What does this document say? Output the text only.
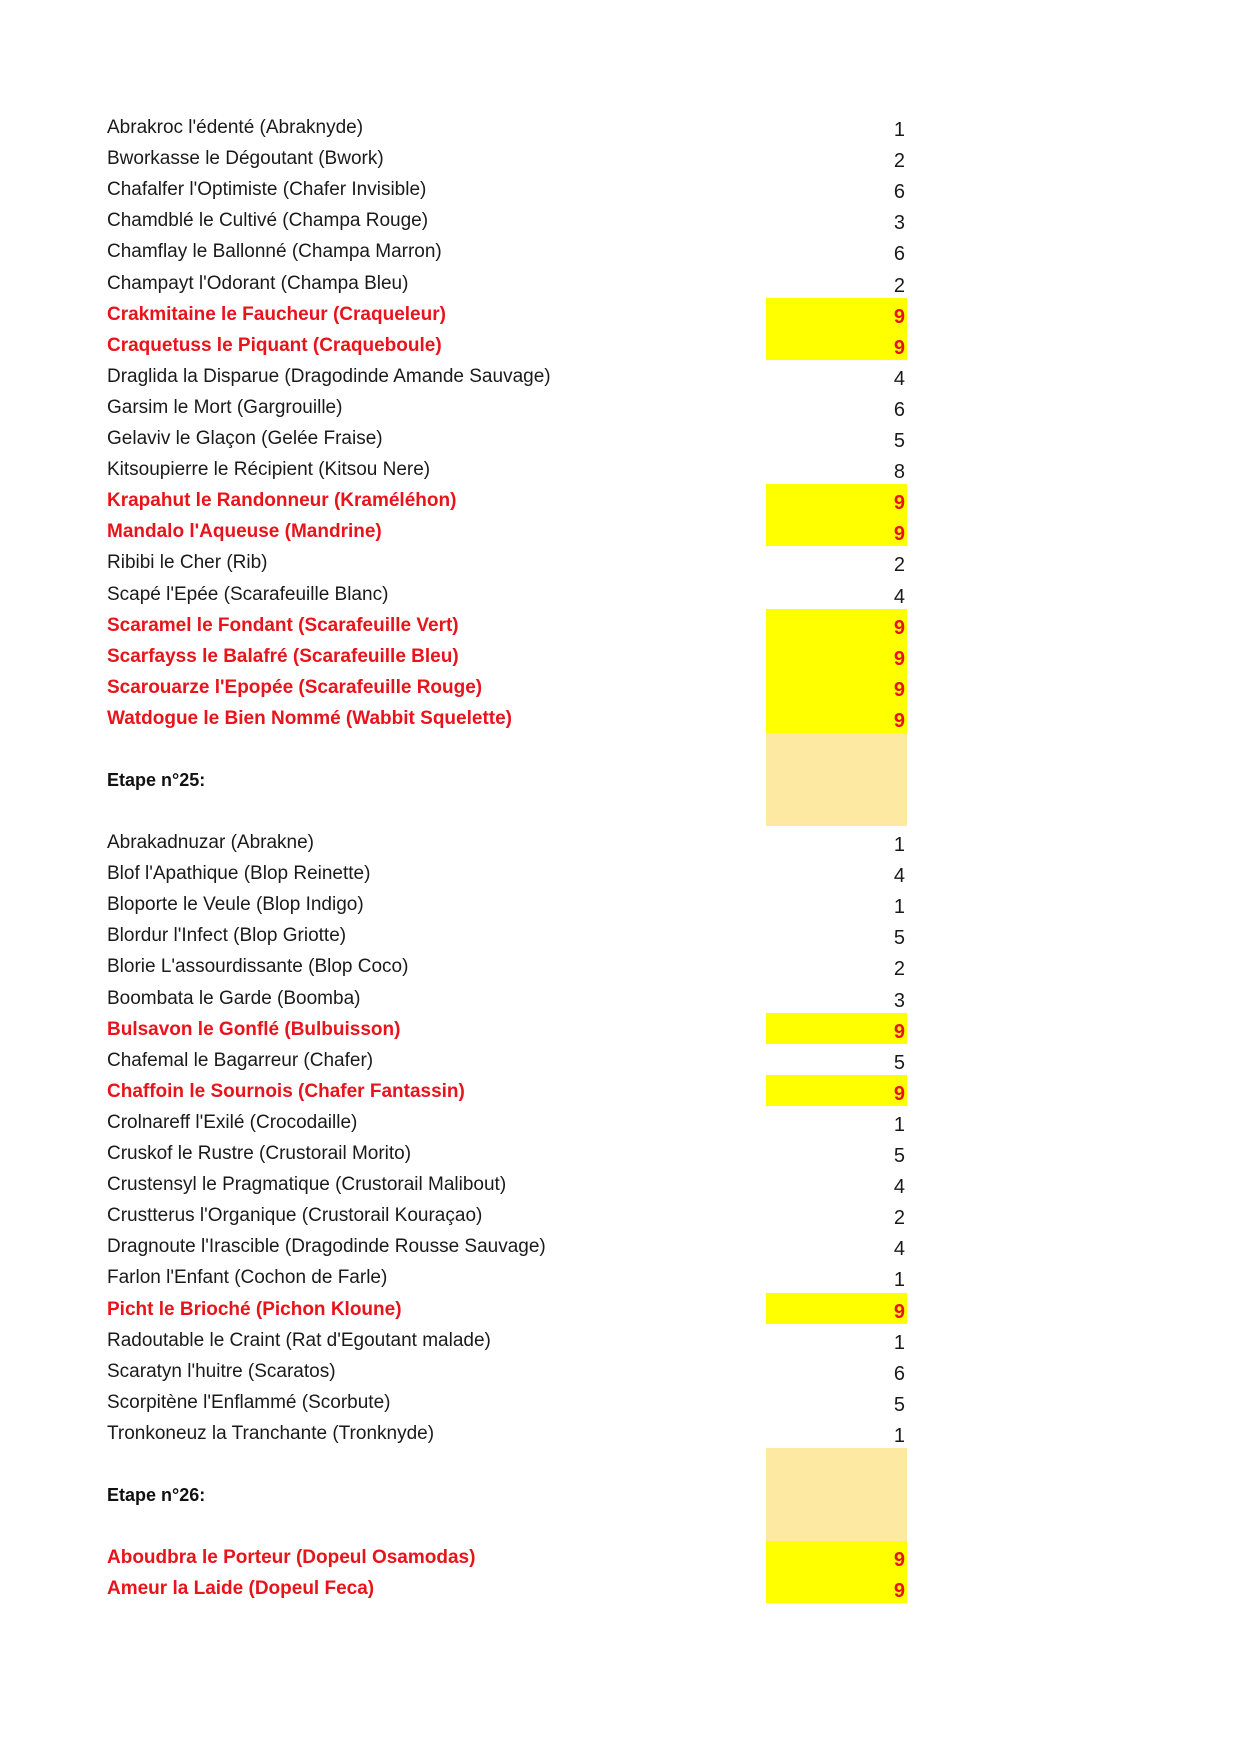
Abrakroc l'édenté (Abraknyde)	1
Bworkasse le Dégoutant (Bwork)	2
Chafalfer l'Optimiste (Chafer Invisible)	6
Chamdblé le Cultivé (Champa Rouge)	3
Chamflay le Ballonné (Champa Marron)	6
Champayt l'Odorant (Champa Bleu)	2
Crakmitaine le Faucheur (Craqueleur)	9
Craquetuss le Piquant (Craqueboule)	9
Draglida la Disparue (Dragodinde Amande Sauvage)	4
Garsim le Mort (Gargrouille)	6
Gelaviv le Glaçon (Gelée Fraise)	5
Kitsoupierre le Récipient (Kitsou Nere)	8
Krapahut le Randonneur (Kraméléhon)	9
Mandalo l'Aqueuse (Mandrine)	9
Ribibi le Cher (Rib)	2
Scapé l'Epée (Scarafeuille Blanc)	4
Scaramel le Fondant (Scarafeuille Vert)	9
Scarfayss le Balafré (Scarafeuille Bleu)	9
Scarouarze l'Epopée (Scarafeuille Rouge)	9
Watdogue le Bien Nommé (Wabbit Squelette)	9
Etape n°25:
Abrakadnuzar (Abrakne)	1
Blof l'Apathique (Blop Reinette)	4
Bloporte le Veule (Blop Indigo)	1
Blordur l'Infect (Blop Griotte)	5
Blorie L'assourdissante (Blop Coco)	2
Boombata le Garde (Boomba)	3
Bulsavon le Gonflé (Bulbuisson)	9
Chafemal le Bagarreur (Chafer)	5
Chaffoin le Sournois (Chafer Fantassin)	9
Crolnareff l'Exilé (Crocodaille)	1
Cruskof le Rustre (Crustorail Morito)	5
Crustensyl le Pragmatique (Crustorail Malibout)	4
Crustterus l'Organique (Crustorail Kouraçao)	2
Dragnoute l'Irascible (Dragodinde Rousse Sauvage)	4
Farlon l'Enfant (Cochon de Farle)	1
Picht le Brioché (Pichon Kloune)	9
Radoutable le Craint (Rat d'Egoutant malade)	1
Scaratyn l'huitre (Scaratos)	6
Scorpitène l'Enflammé (Scorbute)	5
Tronkoneuz la Tranchante (Tronknyde)	1
Etape n°26:
Aboudbra le Porteur (Dopeul Osamodas)	9
Ameur la Laide (Dopeul Feca)	9
